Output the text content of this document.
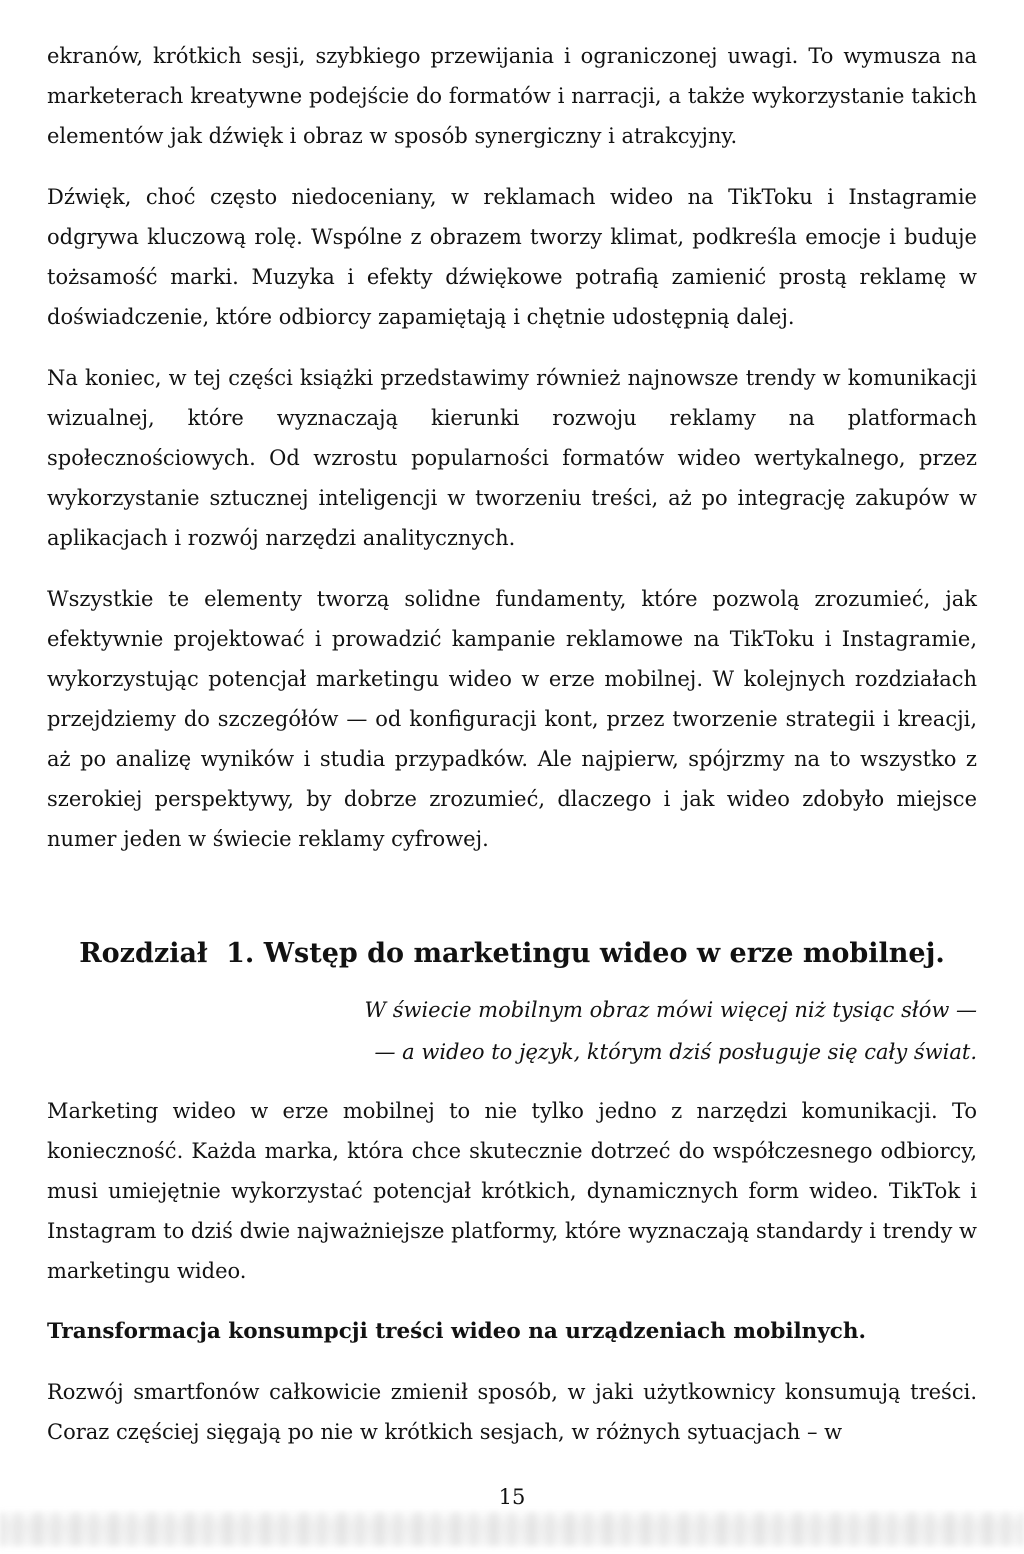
ekranów, krótkich sesji, szybkiego przewijania i ograniczonej uwagi. To wymusza na marketerach kreatywne podejście do formatów i narracji, a także wykorzystanie takich elementów jak dźwięk i obraz w sposób synergiczny i atrakcyjny.

Dźwięk, choć często niedoceniany, w reklamach wideo na TikToku i Instagramie odgrywa kluczową rolę. Wspólne z obrazem tworzy klimat, podkreśla emocje i buduje tożsamość marki. Muzyka i efekty dźwiękowe potrafią zamienić prostą reklamę w doświadczenie, które odbiorcy zapamiętają i chętnie udostępnią dalej.

Na koniec, w tej części książki przedstawimy również najnowsze trendy w komunikacji wizualnej, które wyznaczają kierunki rozwoju reklamy na platformach społecznościowych. Od wzrostu popularności formatów wideo wertykalnego, przez wykorzystanie sztucznej inteligencji w tworzeniu treści, aż po integrację zakupów w aplikacjach i rozwój narzędzi analitycznych.

Wszystkie te elementy tworzą solidne fundamenty, które pozwolą zrozumieć, jak efektywnie projektować i prowadzić kampanie reklamowe na TikToku i Instagramie, wykorzystując potencjał marketingu wideo w erze mobilnej. W kolejnych rozdziałach przejdziemy do szczegółów — od konfiguracji kont, przez tworzenie strategii i kreacji, aż po analizę wyników i studia przypadków. Ale najpierw, spójrzmy na to wszystko z szerokiej perspektywy, by dobrze zrozumieć, dlaczego i jak wideo zdobyło miejsce numer jeden w świecie reklamy cyfrowej.

Rozdział  1. Wstęp do marketingu wideo w erze mobilnej.

W świecie mobilnym obraz mówi więcej niż tysiąc słów —

— a wideo to język, którym dziś posługuje się cały świat.

Marketing wideo w erze mobilnej to nie tylko jedno z narzędzi komunikacji. To konieczność. Każda marka, która chce skutecznie dotrzeć do współczesnego odbiorcy, musi umiejętnie wykorzystać potencjał krótkich, dynamicznych form wideo. TikTok i Instagram to dziś dwie najważniejsze platformy, które wyznaczają standardy i trendy w marketingu wideo.

Transformacja konsumpcji treści wideo na urządzeniach mobilnych.

Rozwój smartfonów całkowicie zmienił sposób, w jaki użytkownicy konsumują treści. Coraz częściej sięgają po nie w krótkich sesjach, w różnych sytuacjach – w

15
